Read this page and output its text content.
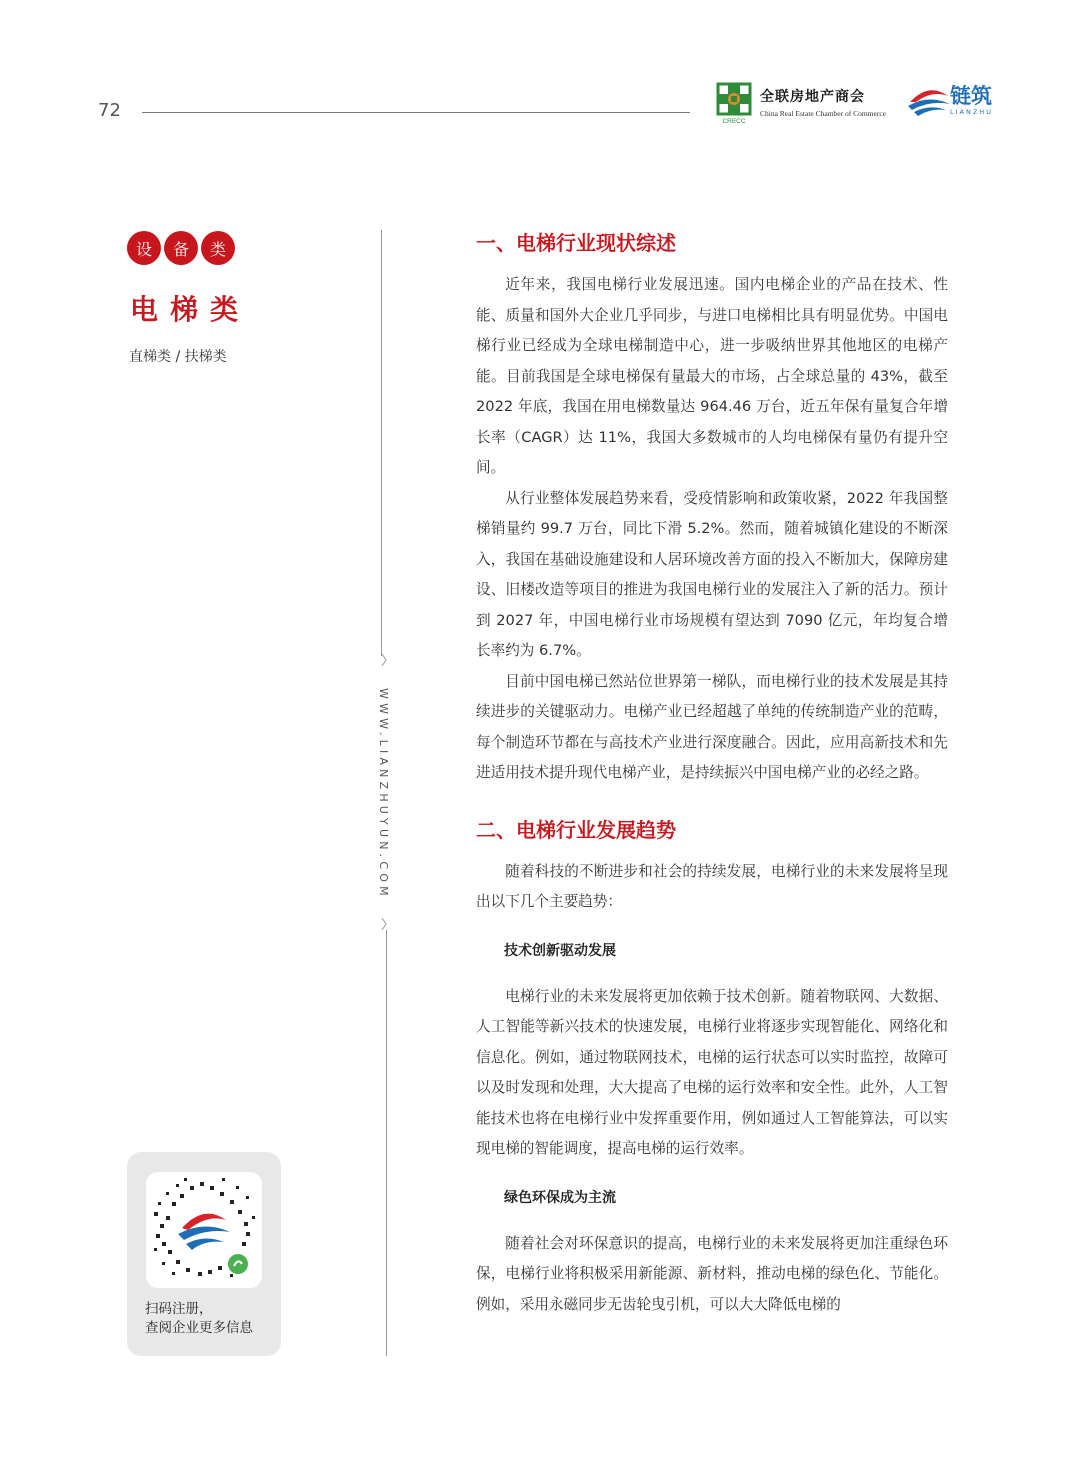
72
CRECC
全联房地产商会
China Real Estate Chamber of Commerce
链筑
LIANZHU
设	备	类
电梯类
直梯类 / 扶梯类
WWW.LIANZHUYUN.COM
扫码注册，
查阅企业更多信息
一、电梯行业现状综述

近年来，我国电梯行业发展迅速。国内电梯企业的产品在技术、性能、质量和国外大企业几乎同步，与进口电梯相比具有明显优势。中国电梯行业已经成为全球电梯制造中心，进一步吸纳世界其他地区的电梯产能。目前我国是全球电梯保有量最大的市场，占全球总量的 43%，截至 2022 年底，我国在用电梯数量达 964.46 万台，近五年保有量复合年增长率（CAGR）达 11%，我国大多数城市的人均电梯保有量仍有提升空间。

从行业整体发展趋势来看，受疫情影响和政策收紧，2022 年我国整梯销量约 99.7 万台，同比下滑 5.2%。然而，随着城镇化建设的不断深入，我国在基础设施建设和人居环境改善方面的投入不断加大，保障房建设、旧楼改造等项目的推进为我国电梯行业的发展注入了新的活力。预计到 2027 年，中国电梯行业市场规模有望达到 7090 亿元，年均复合增长率约为 6.7%。

目前中国电梯已然站位世界第一梯队，而电梯行业的技术发展是其持续进步的关键驱动力。电梯产业已经超越了单纯的传统制造产业的范畴，每个制造环节都在与高技术产业进行深度融合。因此，应用高新技术和先进适用技术提升现代电梯产业，是持续振兴中国电梯产业的必经之路。

二、电梯行业发展趋势

随着科技的不断进步和社会的持续发展，电梯行业的未来发展将呈现出以下几个主要趋势：

技术创新驱动发展

电梯行业的未来发展将更加依赖于技术创新。随着物联网、大数据、人工智能等新兴技术的快速发展，电梯行业将逐步实现智能化、网络化和信息化。例如，通过物联网技术，电梯的运行状态可以实时监控，故障可以及时发现和处理，大大提高了电梯的运行效率和安全性。此外，人工智能技术也将在电梯行业中发挥重要作用，例如通过人工智能算法，可以实现电梯的智能调度，提高电梯的运行效率。

绿色环保成为主流

随着社会对环保意识的提高，电梯行业的未来发展将更加注重绿色环保，电梯行业将积极采用新能源、新材料，推动电梯的绿色化、节能化。例如，采用永磁同步无齿轮曳引机，可以大大降低电梯的
